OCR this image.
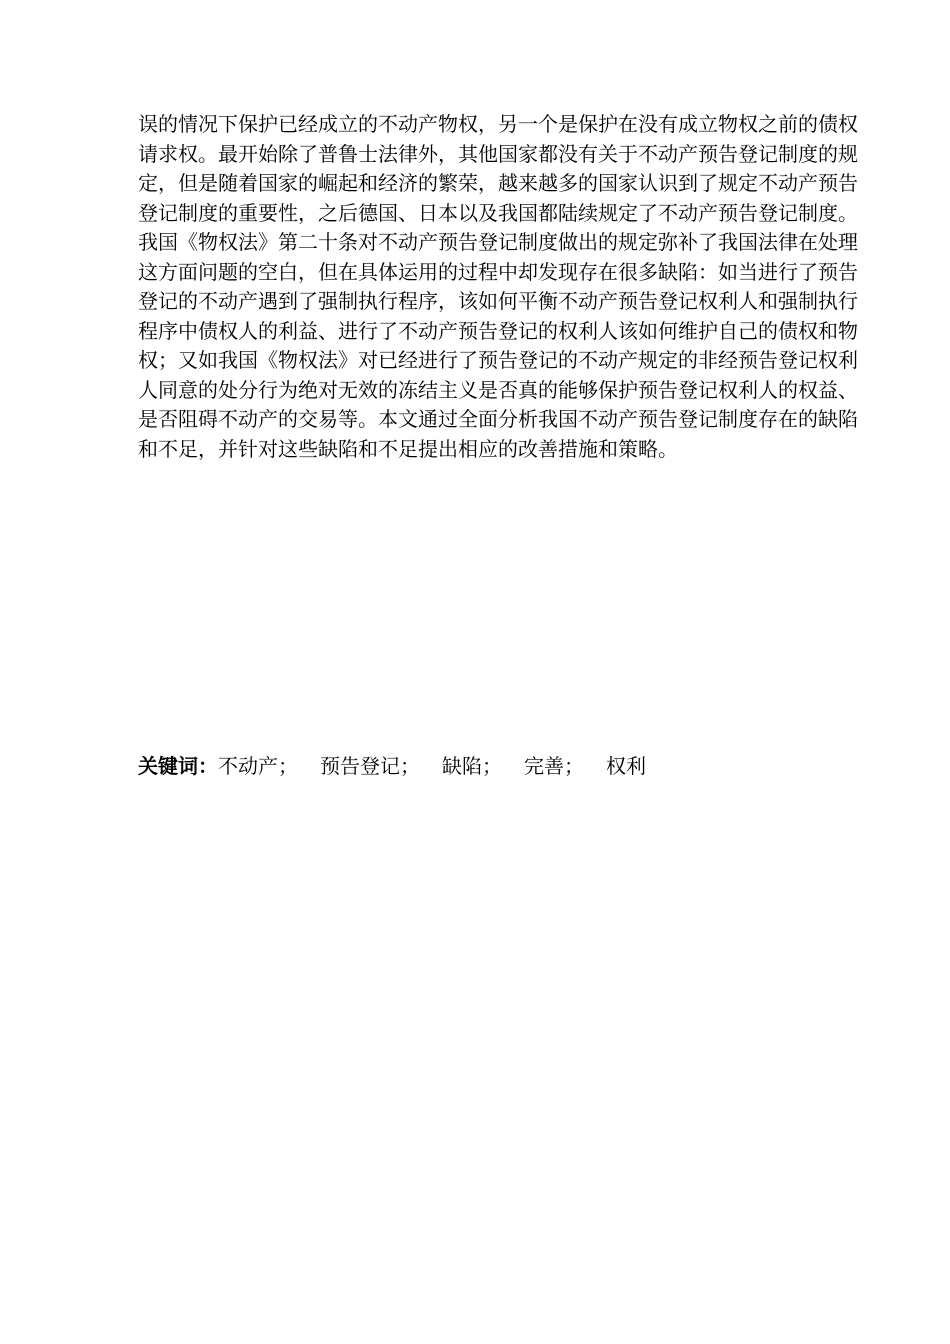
误的情况下保护已经成立的不动产物权，另一个是保护在没有成立物权之前的债权请求权。最开始除了普鲁士法律外，其他国家都没有关于不动产预告登记制度的规定，但是随着国家的崛起和经济的繁荣，越来越多的国家认识到了规定不动产预告登记制度的重要性，之后德国、日本以及我国都陆续规定了不动产预告登记制度。我国《物权法》第二十条对不动产预告登记制度做出的规定弥补了我国法律在处理这方面问题的空白，但在具体运用的过程中却发现存在很多缺陷：如当进行了预告登记的不动产遇到了强制执行程序，该如何平衡不动产预告登记权利人和强制执行程序中债权人的利益、进行了不动产预告登记的权利人该如何维护自己的债权和物权；又如我国《物权法》对已经进行了预告登记的不动产规定的非经预告登记权利人同意的处分行为绝对无效的冻结主义是否真的能够保护预告登记权利人的权益、是否阻碍不动产的交易等。本文通过全面分析我国不动产预告登记制度存在的缺陷和不足，并针对这些缺陷和不足提出相应的改善措施和策略。

关键词：不动产； 预告登记； 缺陷； 完善； 权利
